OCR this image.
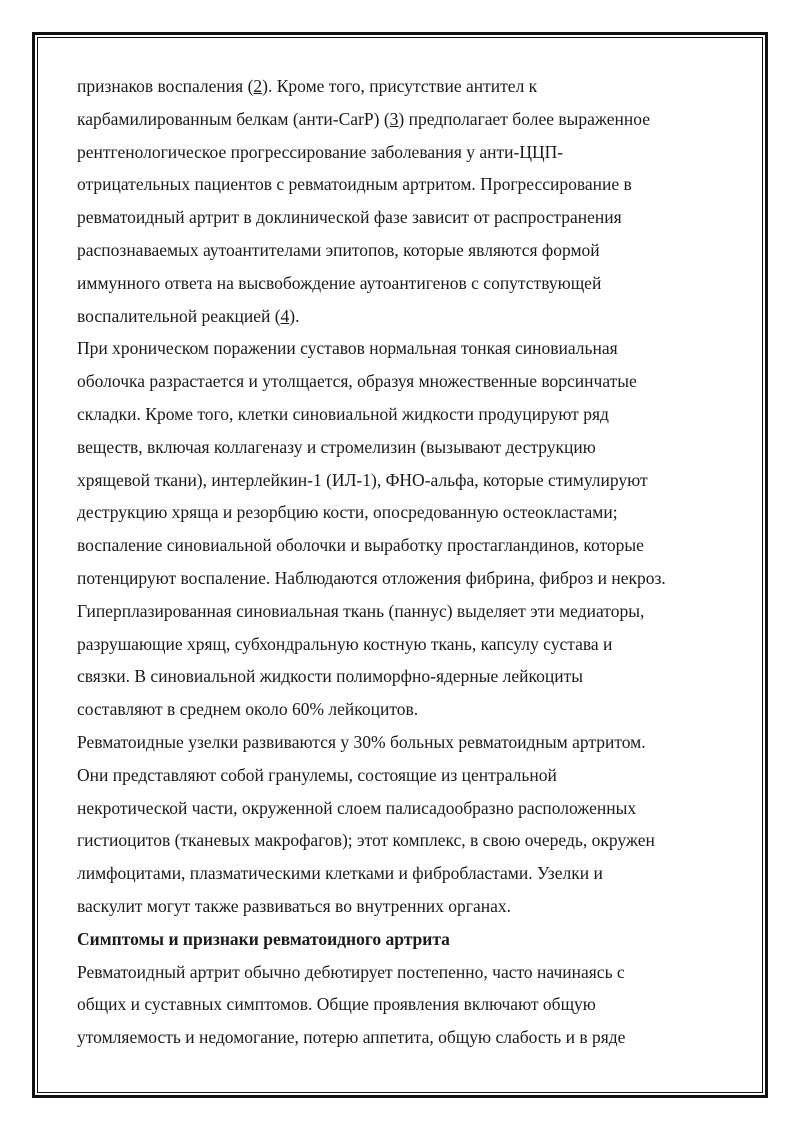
признаков воспаления (2). Кроме того, присутствие антител к
карбамилированным белкам (анти-CarP) (3) предполагает более выраженное
рентгенологическое прогрессирование заболевания у анти-ЦЦП-
отрицательных пациентов с ревматоидным артритом. Прогрессирование в
ревматоидный артрит в доклинической фазе зависит от распространения
распознаваемых аутоантителами эпитопов, которые являются формой
иммунного ответа на высвобождение аутоантигенов с сопутствующей
воспалительной реакцией (4).
При хроническом поражении суставов нормальная тонкая синовиальная
оболочка разрастается и утолщается, образуя множественные ворсинчатые
складки. Кроме того, клетки синовиальной жидкости продуцируют ряд
веществ, включая коллагеназу и стромелизин (вызывают деструкцию
хрящевой ткани), интерлейкин-1 (ИЛ-1), ФНО-альфа, которые стимулируют
деструкцию хряща и резорбцию кости, опосредованную остеокластами;
воспаление синовиальной оболочки и выработку простагландинов, которые
потенцируют воспаление. Наблюдаются отложения фибрина, фиброз и некроз.
Гиперплазированная синовиальная ткань (паннус) выделяет эти медиаторы,
разрушающие хрящ, субхондральную костную ткань, капсулу сустава и
связки. В синовиальной жидкости полиморфно-ядерные лейкоциты
составляют в среднем около 60% лейкоцитов.
Ревматоидные узелки развиваются у 30% больных ревматоидным артритом.
Они представляют собой гранулемы, состоящие из центральной
некротической части, окруженной слоем палисадообразно расположенных
гистиоцитов (тканевых макрофагов); этот комплекс, в свою очередь, окружен
лимфоцитами, плазматическими клетками и фибробластами. Узелки и
васкулит могут также развиваться во внутренних органах.
Симптомы и признаки ревматоидного артрита
Ревматоидный артрит обычно дебютирует постепенно, часто начинаясь с
общих и суставных симптомов. Общие проявления включают общую
утомляемость и недомогание, потерю аппетита, общую слабость и в ряде
